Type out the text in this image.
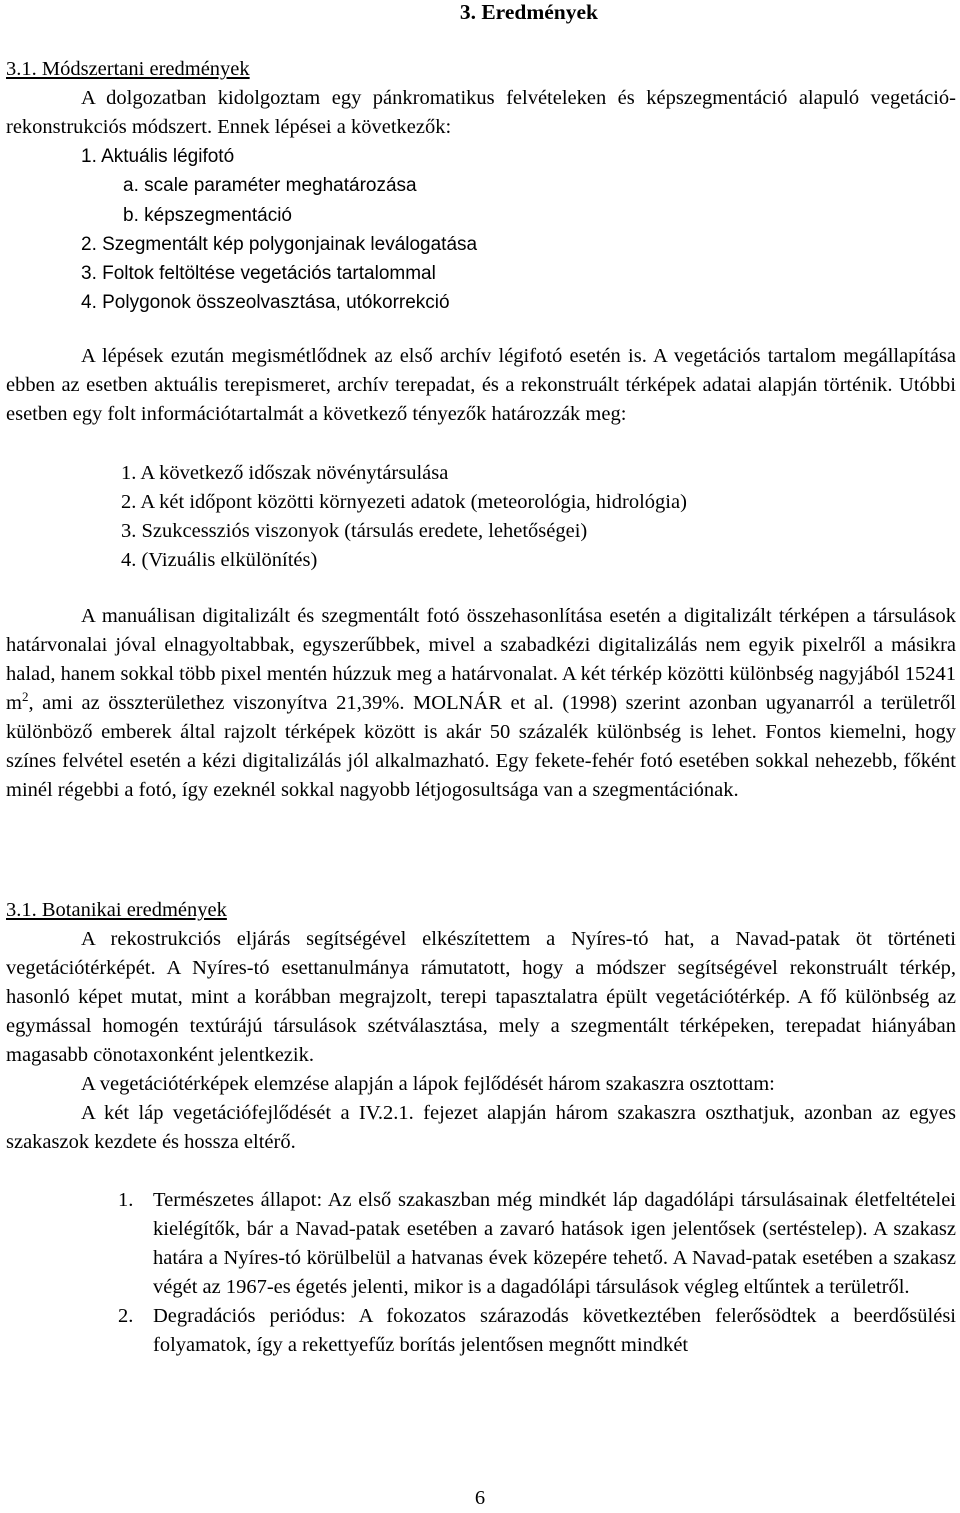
3. Eredmények
3.1. Módszertani eredmények

A dolgozatban kidolgoztam egy pánkromatikus felvételeken és képszegmentáció alapuló vegetáció-rekonstrukciós módszert. Ennek lépései a következők:

1. Aktuális légifotó
a. scale paraméter meghatározása
b. képszegmentáció
2. Szegmentált kép polygonjainak leválogatása
3. Foltok feltöltése vegetációs tartalommal
4. Polygonok összeolvasztása, utókorrekció

A lépések ezután megismétlődnek az első archív légifotó esetén is. A vegetációs tartalom megállapítása ebben az esetben aktuális terepismeret, archív terepadat, és a rekonstruált térképek adatai alapján történik. Utóbbi esetben egy folt információtartalmát a következő tényezők határozzák meg:

1. A következő időszak növénytársulása
2. A két időpont közötti környezeti adatok (meteorológia, hidrológia)
3. Szukcessziós viszonyok (társulás eredete, lehetőségei)
4. (Vizuális elkülönítés)

A manuálisan digitalizált és szegmentált fotó összehasonlítása esetén a digitalizált térképen a társulások határvonalai jóval elnagyoltabbak, egyszerűbbek, mivel a szabadkézi digitalizálás nem egyik pixelről a másikra halad, hanem sokkal több pixel mentén húzzuk meg a határvonalat. A két térkép közötti különbség nagyjából 15241 $m^2$, ami az összterülethez viszonyítva 21,39%. MOLNÁR et al. (1998) szerint azonban ugyanarról a területről különböző emberek által rajzolt térképek között is akár 50 százalék különbség is lehet. Fontos kiemelni, hogy színes felvétel esetén a kézi digitalizálás jól alkalmazható. Egy fekete-fehér fotó esetében sokkal nehezebb, főként minél régebbi a fotó, így ezeknél sokkal nagyobb létjogosultsága van a szegmentációnak.

3.1. Botanikai eredmények

A rekostrukciós eljárás segítségével elkészítettem a Nyíres-tó hat, a Navad-patak öt történeti vegetációtérképét. A Nyíres-tó esettanulmánya rámutatott, hogy a módszer segítségével rekonstruált térkép, hasonló képet mutat, mint a korábban megrajzolt, terepi tapasztalatra épült vegetációtérkép. A fő különbség az egymással homogén textúrájú társulások szétválasztása, mely a szegmentált térképeken, terepadat hiányában magasabb cönotaxonként jelentkezik.

A vegetációtérképek elemzése alapján a lápok fejlődését három szakaszra osztottam:

A két láp vegetációfejlődését a IV.2.1. fejezet alapján három szakaszra oszthatjuk, azonban az egyes szakaszok kezdete és hossza eltérő.

1. Természetes állapot: Az első szakaszban még mindkét láp dagadólápi társulásainak életfeltételei kielégítők, bár a Navad-patak esetében a zavaró hatások igen jelentősek (sertéstelep). A szakasz határa a Nyíres-tó körülbelül a hatvanas évek közepére tehető. A Navad-patak esetében a szakasz végét az 1967-es égetés jelenti, mikor is a dagadólápi társulások végleg eltűntek a területről.
2. Degradációs periódus: A fokozatos szárazodás következtében felerősödtek a beerdősülési folyamatok, így a rekettyefűz borítás jelentősen megnőtt mindkét
6
